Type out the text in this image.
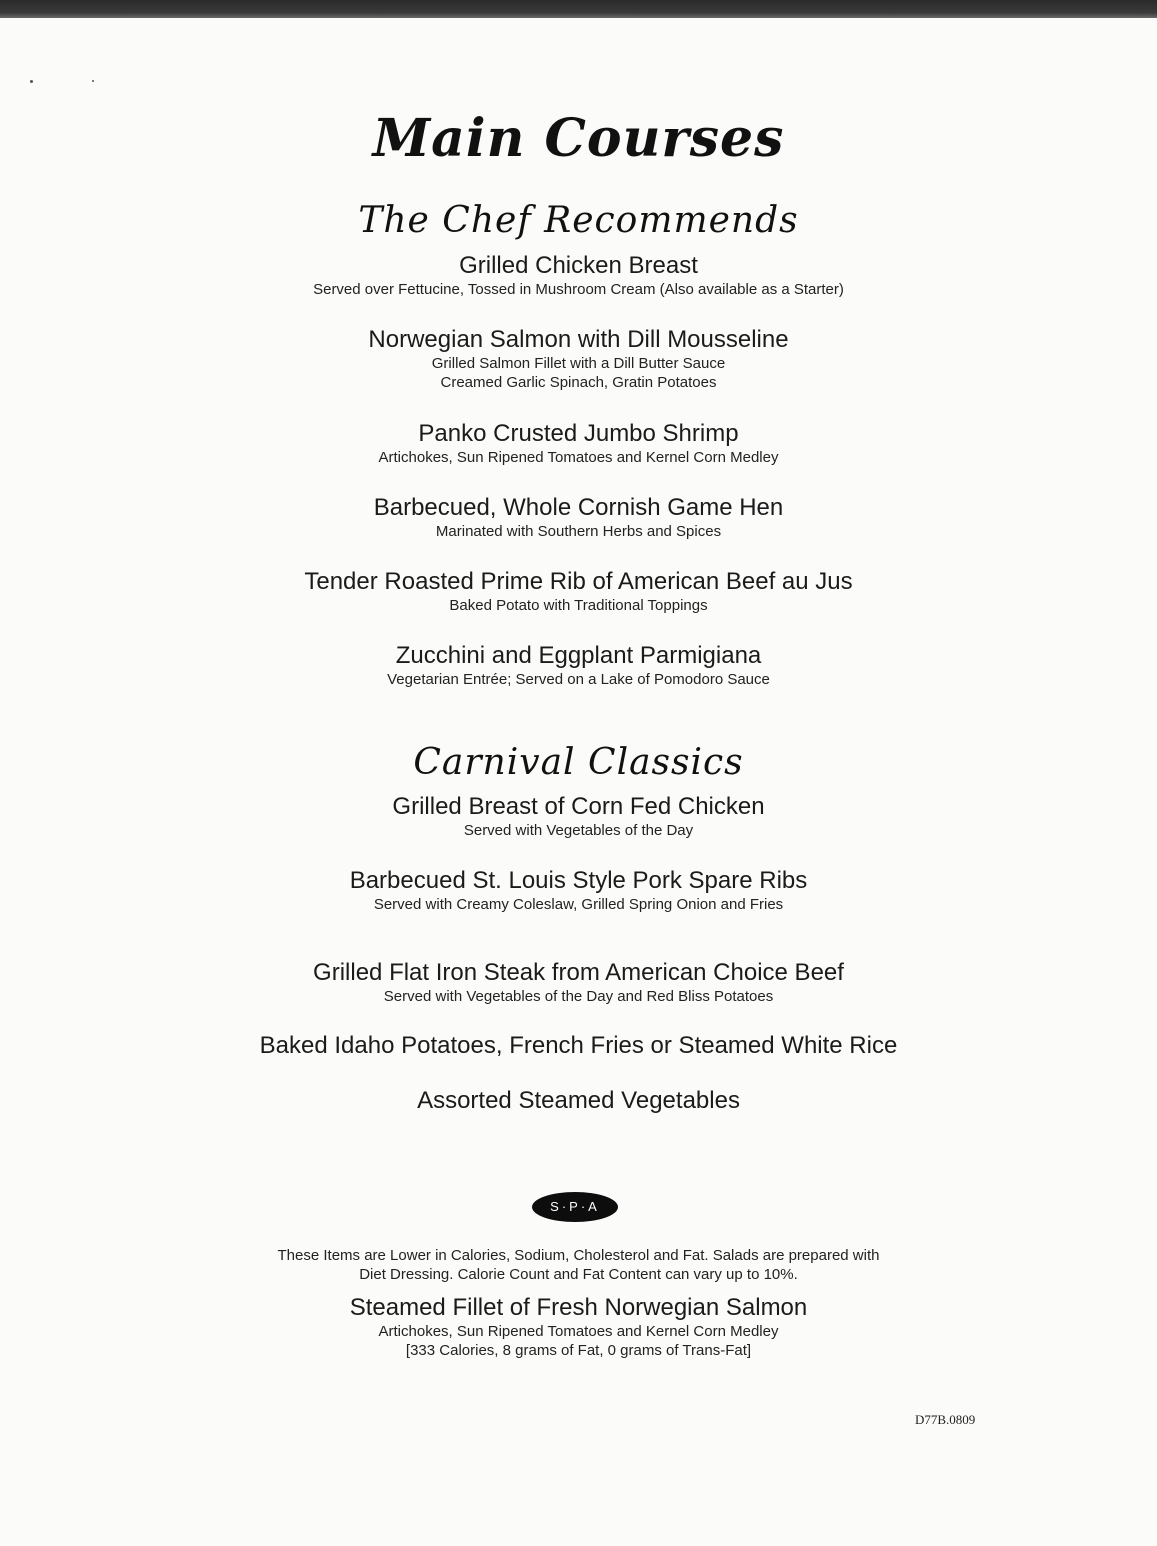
Main Courses
The Chef Recommends
Grilled Chicken Breast
Served over Fettucine, Tossed in Mushroom Cream (Also available as a Starter)
Norwegian Salmon with Dill Mousseline
Grilled Salmon Fillet with a Dill Butter Sauce
Creamed Garlic Spinach, Gratin Potatoes
Panko Crusted Jumbo Shrimp
Artichokes, Sun Ripened Tomatoes and Kernel Corn Medley
Barbecued, Whole Cornish Game Hen
Marinated with Southern Herbs and Spices
Tender Roasted Prime Rib of American Beef au Jus
Baked Potato with Traditional Toppings
Zucchini and Eggplant Parmigiana
Vegetarian Entrée; Served on a Lake of Pomodoro Sauce
Carnival Classics
Grilled Breast of Corn Fed Chicken
Served with Vegetables of the Day
Barbecued St. Louis Style Pork Spare Ribs
Served with Creamy Coleslaw, Grilled Spring Onion and Fries
Grilled Flat Iron Steak from American Choice Beef
Served with Vegetables of the Day and Red Bliss Potatoes
Baked Idaho Potatoes, French Fries or Steamed White Rice
Assorted Steamed Vegetables
S·P·A
These Items are Lower in Calories, Sodium, Cholesterol and Fat. Salads are prepared with
Diet Dressing. Calorie Count and Fat Content can vary up to 10%.
Steamed Fillet of Fresh Norwegian Salmon
Artichokes, Sun Ripened Tomatoes and Kernel Corn Medley
[333 Calories, 8 grams of Fat, 0 grams of Trans-Fat]
D77B.0809
